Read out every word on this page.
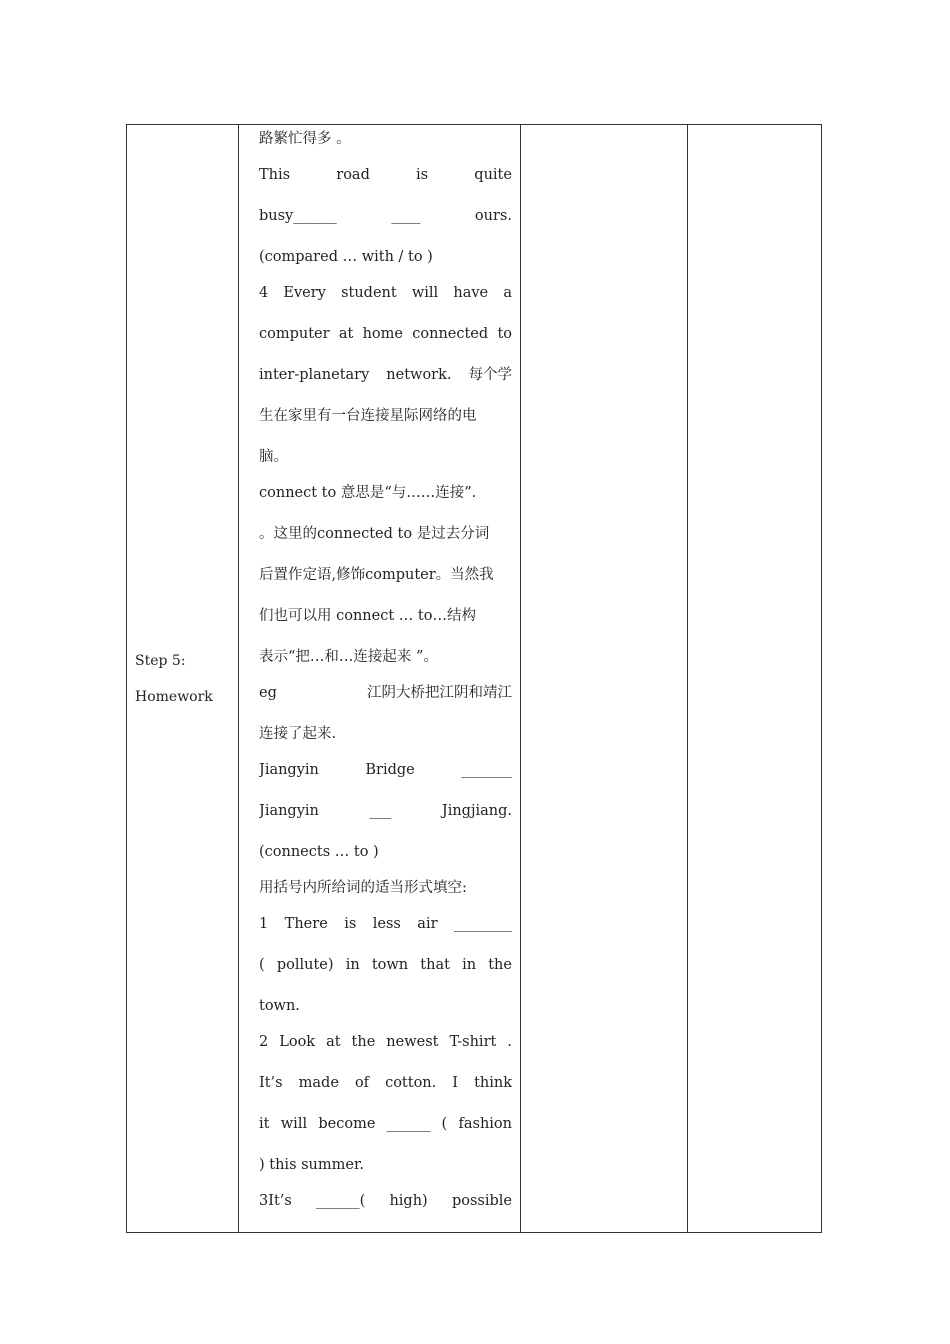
Step 5:
Homework

路繁忙得多 。
This	road	is	quite
busy______	____	ours.
(compared … with / to )
4 Every student will have a
computer at home connected to
inter-planetary network. 每个学
生在家里有一台连接星际网络的电
脑。
connect to 意思是“与……连接”.
。这里的connected to 是过去分词
后置作定语,修饰computer。当然我
们也可以用 connect … to…结构
表示“把…和…连接起来 ”。
eg	江阴大桥把江阴和靖江
连接了起来.
Jiangyin	Bridge	_______
Jiangyin	___	Jingjiang.
(connects … to )
用括号内所给词的适当形式填空:
1 There is less air ________
( pollute) in town that in the
town.
2 Look at the newest T-shirt .
It’s made of cotton. I think
it will become ______ ( fashion
) this summer.
3It’s ______( high) possible
